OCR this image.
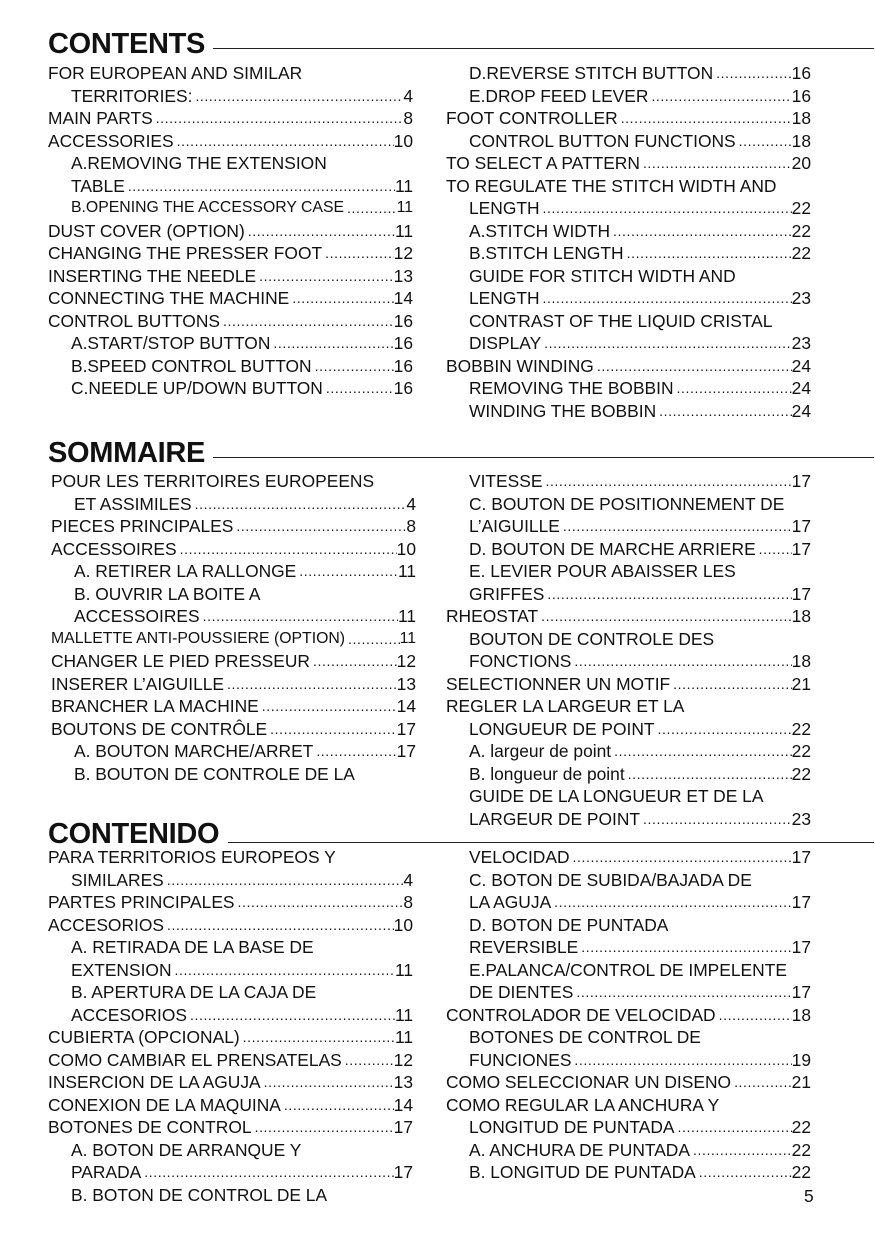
CONTENTS
FOR EUROPEAN AND SIMILAR
TERRITORIES: .....	4
MAIN PARTS .....	8
ACCESSORIES .....	10
A.REMOVING THE EXTENSION
TABLE .....	11
B.OPENING THE ACCESSORY CASE .....	11
DUST COVER (OPTION) .....	11
CHANGING THE PRESSER FOOT .....	12
INSERTING THE NEEDLE .....	13
CONNECTING THE MACHINE .....	14
CONTROL BUTTONS .....	16
A.START/STOP BUTTON .....	16
B.SPEED CONTROL BUTTON .....	16
C.NEEDLE UP/DOWN BUTTON .....	16
D.REVERSE STITCH BUTTON .....	16
E.DROP FEED LEVER .....	16
FOOT CONTROLLER .....	18
CONTROL BUTTON FUNCTIONS .....	18
TO SELECT A PATTERN .....	20
TO REGULATE THE STITCH WIDTH AND
LENGTH .....	22
A.STITCH WIDTH .....	22
B.STITCH LENGTH .....	22
GUIDE FOR STITCH WIDTH AND
LENGTH .....	23
CONTRAST OF THE LIQUID CRISTAL
DISPLAY .....	23
BOBBIN WINDING .....	24
REMOVING THE BOBBIN .....	24
WINDING THE BOBBIN .....	24
SOMMAIRE
POUR LES TERRITOIRES EUROPEENS
ET ASSIMILES .....	4
PIECES PRINCIPALES .....	8
ACCESSOIRES .....	10
A. RETIRER LA RALLONGE .....	11
B. OUVRIR LA BOITE A
ACCESSOIRES .....	11
MALLETTE ANTI-POUSSIERE (OPTION) .....	11
CHANGER LE PIED PRESSEUR .....	12
INSERER L’AIGUILLE .....	13
BRANCHER LA MACHINE .....	14
BOUTONS DE CONTRÔLE .....	17
A. BOUTON MARCHE/ARRET .....	17
B. BOUTON DE CONTROLE DE LA
VITESSE .....	17
C. BOUTON DE POSITIONNEMENT DE
L’AIGUILLE .....	17
D. BOUTON DE MARCHE ARRIERE ..... 17
E. LEVIER POUR ABAISSER LES
GRIFFES .....	17
RHEOSTAT .....	18
BOUTON DE CONTROLE DES
FONCTIONS .....	18
SELECTIONNER UN MOTIF .....	21
REGLER LA LARGEUR ET LA
LONGUEUR DE POINT .....	22
A. largeur de point .....	22
B. longueur de point .....	22
GUIDE DE LA LONGUEUR ET DE LA
LARGEUR DE POINT .....	23
CONTENIDO
PARA TERRITORIOS EUROPEOS Y
SIMILARES .....	4
PARTES PRINCIPALES .....	8
ACCESORIOS .....	10
A. RETIRADA DE LA BASE DE
EXTENSION .....	11
B. APERTURA DE LA CAJA DE
ACCESORIOS .....	11
CUBIERTA (OPCIONAL) .....	11
COMO CAMBIAR EL PRENSATELAS .....	12
INSERCION DE LA AGUJA .....	13
CONEXION DE LA MAQUINA .....	14
BOTONES DE CONTROL .....	17
A. BOTON DE ARRANQUE Y
PARADA .....	17
B. BOTON DE CONTROL DE LA
VELOCIDAD .....	17
C. BOTON DE SUBIDA/BAJADA DE
LA AGUJA .....	17
D. BOTON DE PUNTADA
REVERSIBLE .....	17
E.PALANCA/CONTROL DE IMPELENTE
DE DIENTES .....	17
CONTROLADOR DE VELOCIDAD .....	18
BOTONES DE CONTROL DE
FUNCIONES .....	19
COMO SELECCIONAR UN DISENO .....	21
COMO REGULAR LA ANCHURA Y
LONGITUD DE PUNTADA .....	22
A. ANCHURA DE PUNTADA .....	22
B. LONGITUD DE PUNTADA .....	22
5
